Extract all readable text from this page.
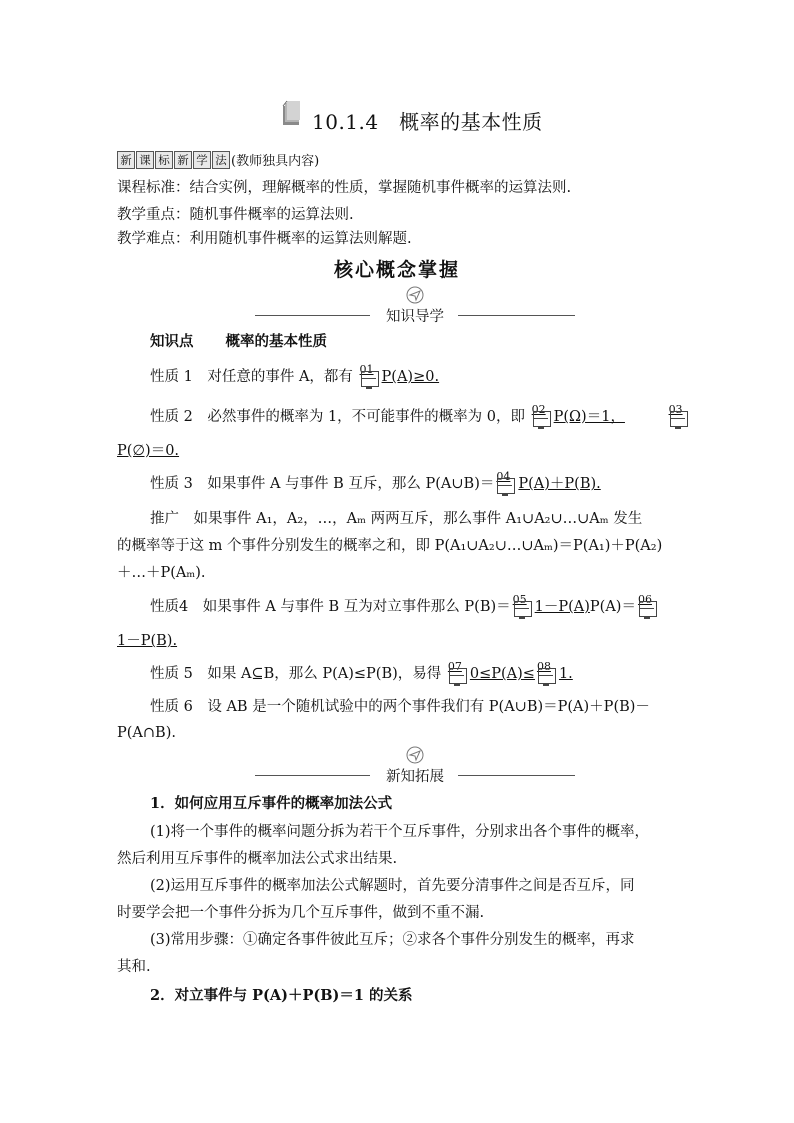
10.1.4　概率的基本性质
新 课 标 新 学 法 (教师独具内容)
课程标准：结合实例，理解概率的性质，掌握随机事件概率的运算法则.
教学重点：随机事件概率的运算法则.
教学难点：利用随机事件概率的运算法则解题.
核心概念掌握
知识导学
知识点 概率的基本性质
性质 1  对任意的事件 A，都有 01 P(A)≥0.
性质 2  必然事件的概率为 1，不可能事件的概率为 0，即 02 P(Ω)＝1，	03
P(∅)＝0.
性质 3  如果事件 A 与事件 B 互斥，那么 P(A∪B)＝ 04 P(A)＋P(B).
推广　如果事件 A₁，A₂，…，Aₘ 两两互斥，那么事件 A₁∪A₂∪…∪Aₘ 发生
的概率等于这 m 个事件分别发生的概率之和，即 P(A₁∪A₂∪…∪Aₘ)＝P(A₁)＋P(A₂)
＋…＋P(Aₘ).
性质4  如果事件 A 与事件 B 互为对立事件那么 P(B)＝ 05 1－P(A)P(A)＝ 06
1－P(B).
性质 5  如果 A⊆B，那么 P(A)≤P(B)，易得 07 0≤P(A)≤ 08 1.
性质 6  设 AB 是一个随机试验中的两个事件我们有 P(A∪B)＝P(A)＋P(B)－
P(A∩B).
新知拓展
1．如何应用互斥事件的概率加法公式
(1)将一个事件的概率问题分拆为若干个互斥事件，分别求出各个事件的概率，
然后利用互斥事件的概率加法公式求出结果.
(2)运用互斥事件的概率加法公式解题时，首先要分清事件之间是否互斥，同
时要学会把一个事件分拆为几个互斥事件，做到不重不漏.
(3)常用步骤：①确定各事件彼此互斥；②求各个事件分别发生的概率，再求
其和.
2．对立事件与 P(A)＋P(B)＝1 的关系
